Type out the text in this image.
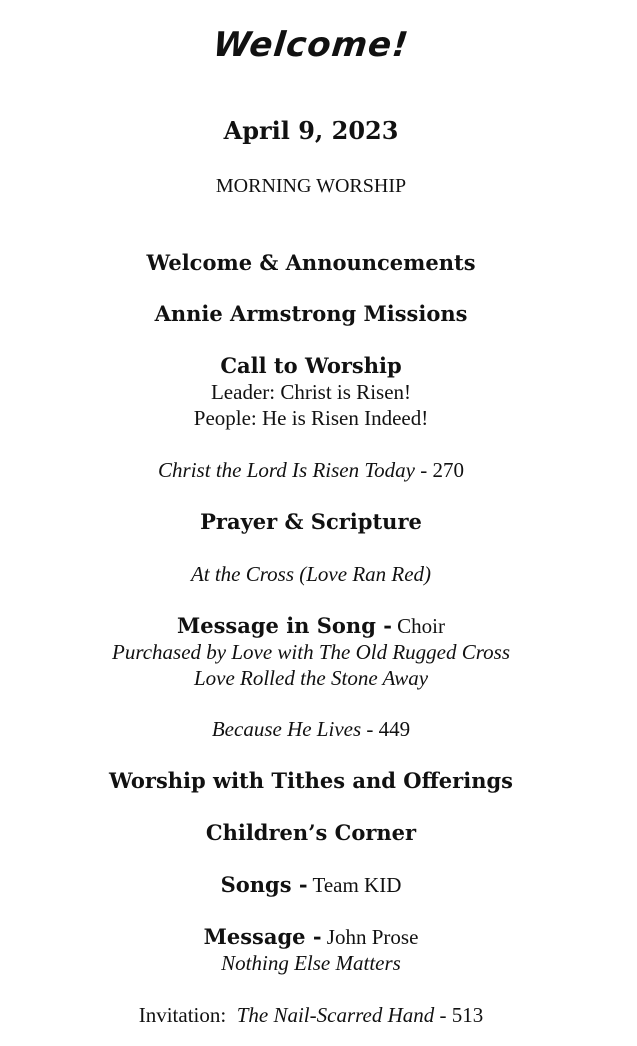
Welcome!
April 9, 2023
MORNING WORSHIP
Welcome & Announcements
Annie Armstrong Missions
Call to Worship
Leader: Christ is Risen!
People: He is Risen Indeed!
Christ the Lord Is Risen Today - 270
Prayer & Scripture
At the Cross (Love Ran Red)
Message in Song - Choir
Purchased by Love with The Old Rugged Cross
Love Rolled the Stone Away
Because He Lives - 449
Worship with Tithes and Offerings
Children’s Corner
Songs - Team KID
Message - John Prose
Nothing Else Matters
Invitation:  The Nail-Scarred Hand - 513
